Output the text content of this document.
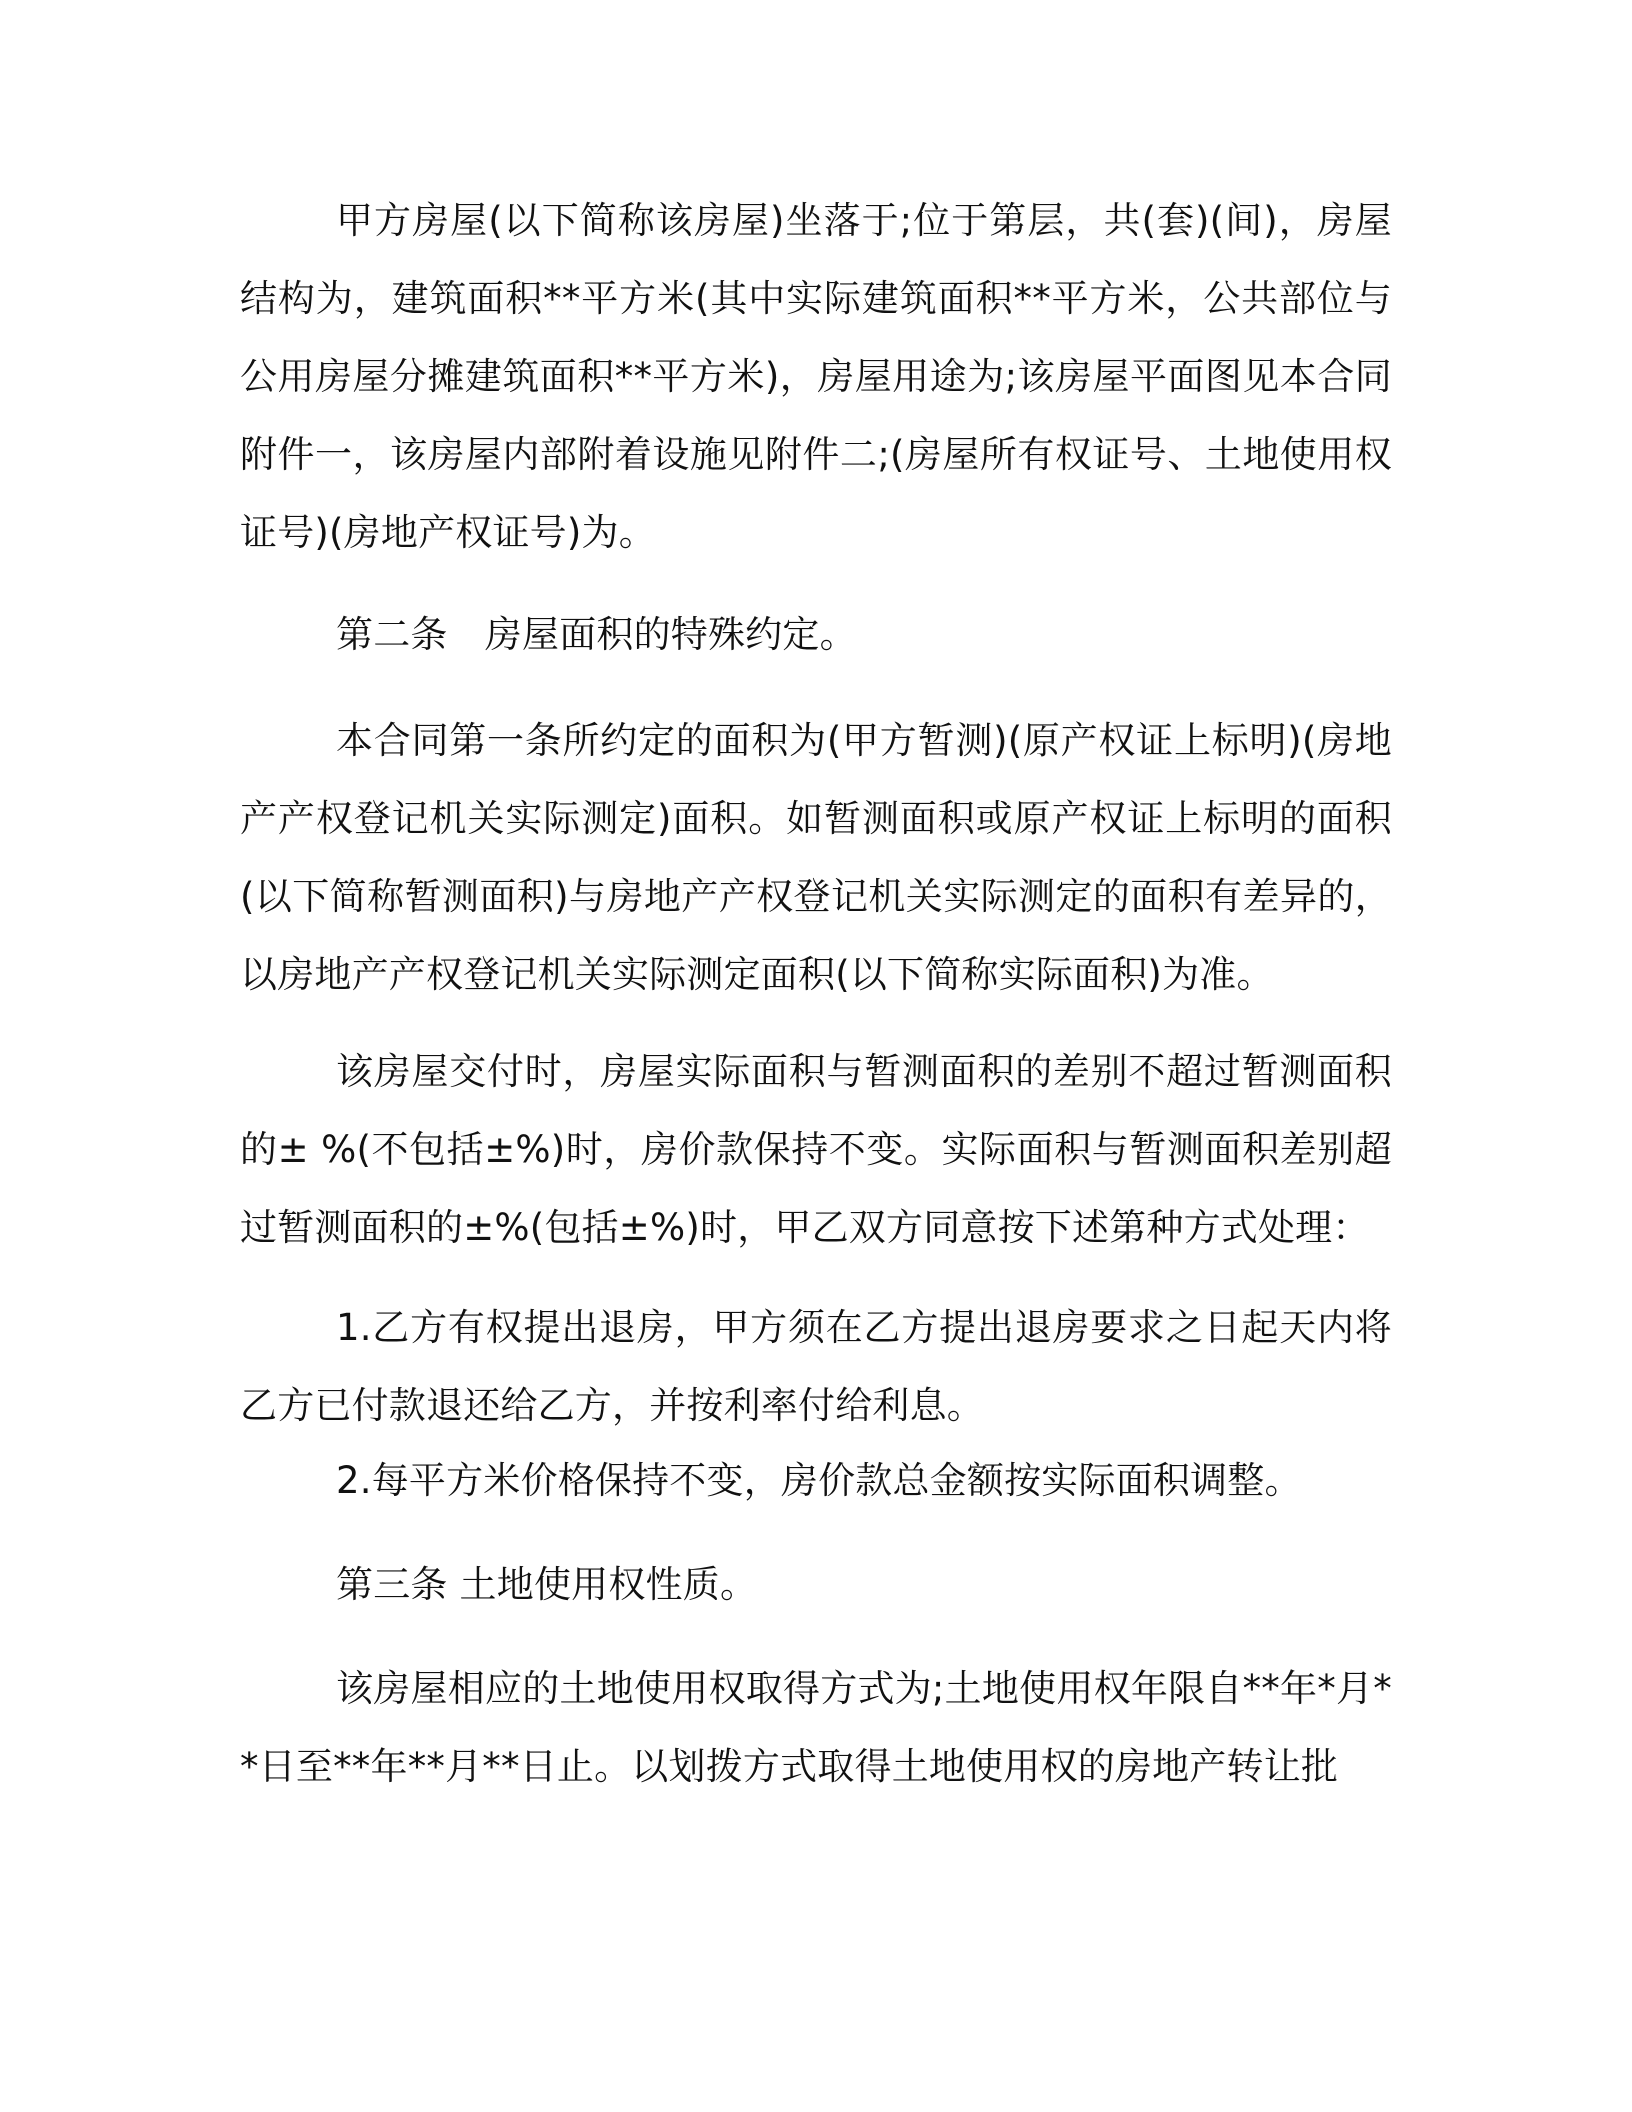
甲方房屋(以下简称该房屋)坐落于;位于第层，共(套)(间)，房屋结构为，建筑面积**平方米(其中实际建筑面积**平方米，公共部位与公用房屋分摊建筑面积**平方米)，房屋用途为;该房屋平面图见本合同附件一，该房屋内部附着设施见附件二;(房屋所有权证号、土地使用权证号)(房地产权证号)为。

第二条　房屋面积的特殊约定。

本合同第一条所约定的面积为(甲方暂测)(原产权证上标明)(房地产产权登记机关实际测定)面积。如暂测面积或原产权证上标明的面积(以下简称暂测面积)与房地产产权登记机关实际测定的面积有差异的，以房地产产权登记机关实际测定面积(以下简称实际面积)为准。

该房屋交付时，房屋实际面积与暂测面积的差别不超过暂测面积的± %(不包括±%)时，房价款保持不变。实际面积与暂测面积差别超过暂测面积的±%(包括±%)时，甲乙双方同意按下述第种方式处理：

1.乙方有权提出退房，甲方须在乙方提出退房要求之日起天内将乙方已付款退还给乙方，并按利率付给利息。

2.每平方米价格保持不变，房价款总金额按实际面积调整。

第三条 土地使用权性质。

该房屋相应的土地使用权取得方式为;土地使用权年限自**年*月**日至**年**月**日止。以划拨方式取得土地使用权的房地产转让批
